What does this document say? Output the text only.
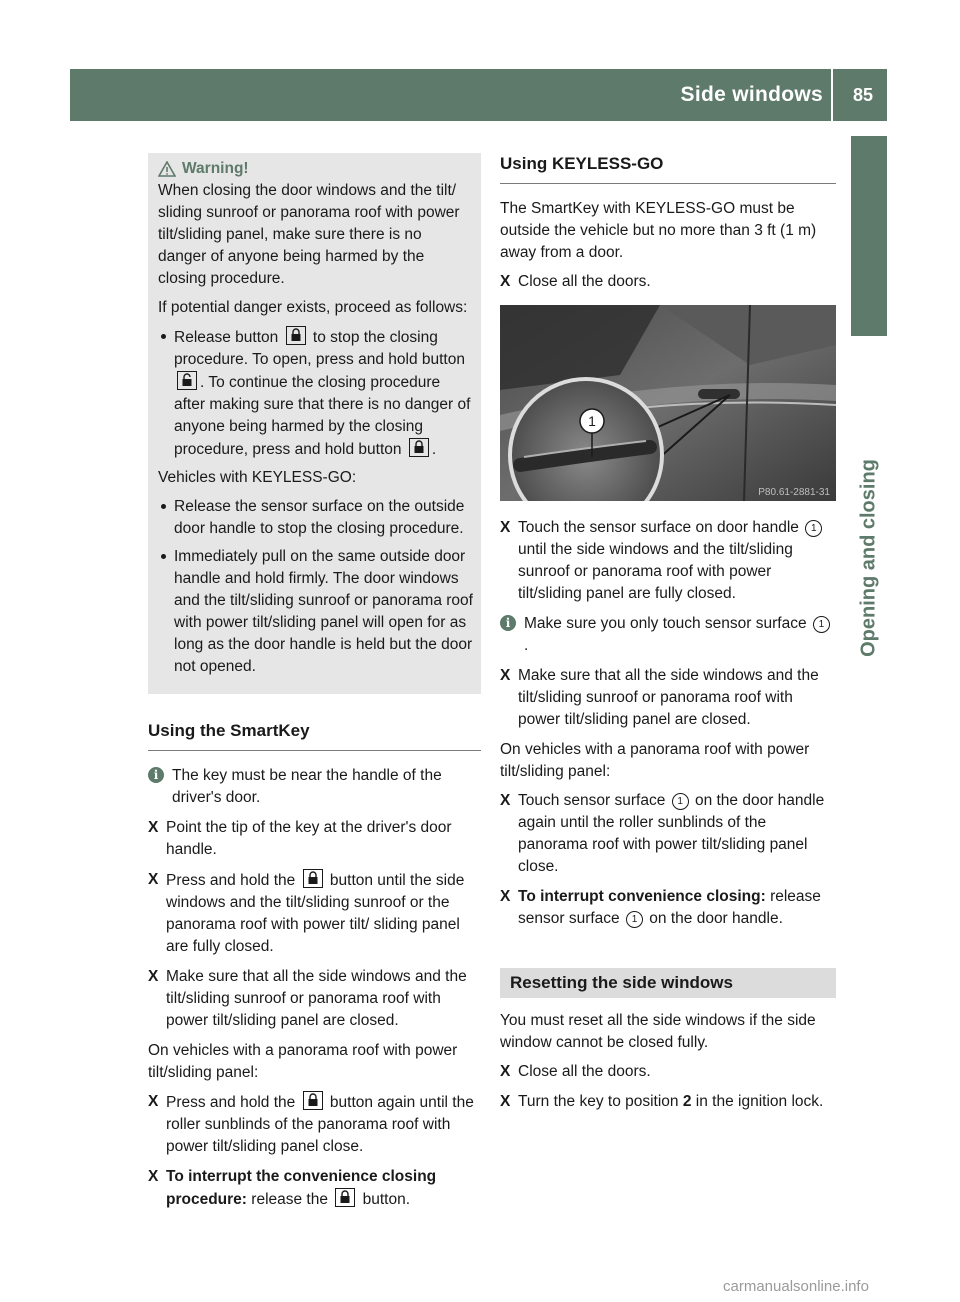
Side windows 85
Opening and closing
Warning!

When closing the door windows and the tilt/ sliding sunroof or panorama roof with power tilt/sliding panel, make sure there is no danger of anyone being harmed by the closing procedure.

If potential danger exists, proceed as follows:

Release button to stop the closing procedure. To open, press and hold button
. To continue the closing procedure after making sure that there is no danger of anyone being harmed by the closing procedure, press and hold button .

Vehicles with KEYLESS-GO:

Release the sensor surface on the outside door handle to stop the closing procedure.
Immediately pull on the same outside door handle and hold firmly. The door windows and the tilt/sliding sunroof or panorama roof with power tilt/sliding panel will open for as long as the door handle is held but the door not opened.
Using the SmartKey
i The key must be near the handle of the driver's door.
X Point the tip of the key at the driver's door handle.
X Press and hold the button until the side windows and the tilt/sliding sunroof or the panorama roof with power tilt/ sliding panel are fully closed.
X Make sure that all the side windows and the tilt/sliding sunroof or panorama roof with power tilt/sliding panel are closed.

On vehicles with a panorama roof with power tilt/sliding panel:

X Press and hold the button again until the roller sunblinds of the panorama roof with power tilt/sliding panel close.
X To interrupt the convenience closing procedure: release the button.
Using KEYLESS-GO

The SmartKey with KEYLESS-GO must be outside the vehicle but no more than 3 ft (1 m) away from a door.

X Close all the doors.
1
P80.61-2881-31
X Touch the sensor surface on door handle 1 until the side windows and the tilt/sliding sunroof or panorama roof with power tilt/sliding panel are fully closed.
i Make sure you only touch sensor surface 1.
X Make sure that all the side windows and the tilt/sliding sunroof or panorama roof with power tilt/sliding panel are closed.

On vehicles with a panorama roof with power tilt/sliding panel:

X Touch sensor surface 1 on the door handle again until the roller sunblinds of the panorama roof with power tilt/sliding panel close.
X To interrupt convenience closing: release sensor surface 1 on the door handle.
Resetting the side windows

You must reset all the side windows if the side window cannot be closed fully.

X Close all the doors.
X Turn the key to position 2 in the ignition lock.
carmanualsonline.info
